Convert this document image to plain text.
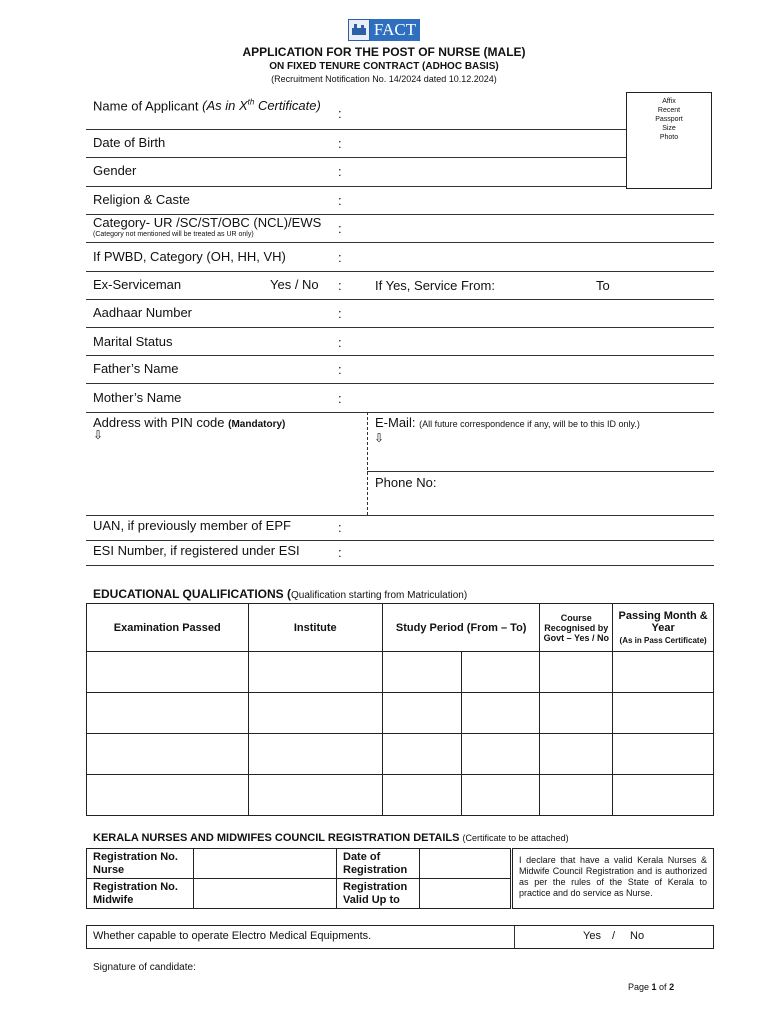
FACT
APPLICATION FOR THE POST OF NURSE (MALE)
ON FIXED TENURE CONTRACT (ADHOC BASIS)
(Recruitment Notification No. 14/2024 dated 10.12.2024)
Affix
Recent
Passport
Size
Photo
Name of Applicant (As in Xth Certificate)
:
Date of Birth	:
Gender	:
Religion & Caste	:
Category- UR /SC/ST/OBC (NCL)/EWS
(Category not mentioned will be treated as UR only)	:
If PWBD, Category (OH, HH, VH)	:
Ex-Serviceman	Yes / No :	If Yes, Service From:	To
Aadhaar Number	:
Marital Status	:
Father’s Name	:
Mother’s Name	:
Address with PIN code (Mandatory)
⇩
E-Mail: (All future correspondence if any, will be to this ID only.)
⇩
Phone No:
UAN, if previously member of EPF	:
ESI Number, if registered under ESI	:
EDUCATIONAL QUALIFICATIONS (Qualification starting from Matriculation)
Examination Passed	Institute	Study Period (From – To)		Course Recognised by Govt – Yes / No	Passing Month & Year
(As in Pass Certificate)

KERALA NURSES AND MIDWIFES COUNCIL REGISTRATION DETAILS (Certificate to be attached)
Registration No. Nurse		Date of Registration	
Registration No. Midwife		Registration Valid Up to	
I declare that have a valid Kerala Nurses & Midwife Council Registration and is authorized as per the rules of the State of Kerala to practice and do service as Nurse.
Whether capable to operate Electro Medical Equipments.	Yes / No
Signature of candidate:
Page 1 of 2
